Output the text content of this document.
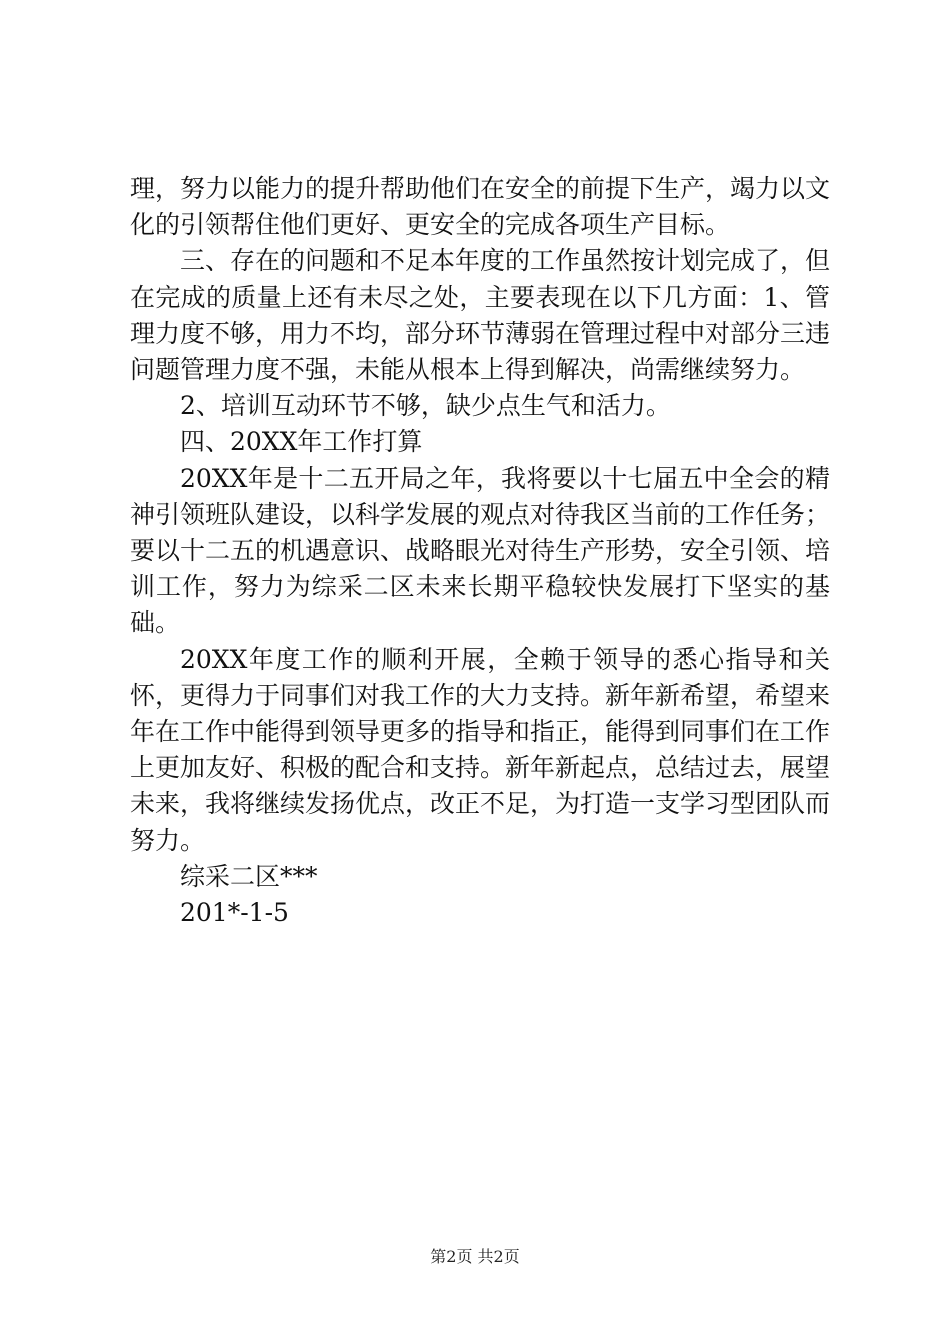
理，努力以能力的提升帮助他们在安全的前提下生产，竭力以文化的引领帮住他们更好、更安全的完成各项生产目标。

三、存在的问题和不足本年度的工作虽然按计划完成了，但在完成的质量上还有未尽之处，主要表现在以下几方面：1、管理力度不够，用力不均，部分环节薄弱在管理过程中对部分三违问题管理力度不强，未能从根本上得到解决，尚需继续努力。

2、培训互动环节不够，缺少点生气和活力。

四、20XX年工作打算

20XX年是十二五开局之年，我将要以十七届五中全会的精神引领班队建设，以科学发展的观点对待我区当前的工作任务；要以十二五的机遇意识、战略眼光对待生产形势，安全引领、培训工作，努力为综采二区未来长期平稳较快发展打下坚实的基础。

20XX年度工作的顺利开展，全赖于领导的悉心指导和关怀，更得力于同事们对我工作的大力支持。新年新希望，希望来年在工作中能得到领导更多的指导和指正，能得到同事们在工作上更加友好、积极的配合和支持。新年新起点，总结过去，展望未来，我将继续发扬优点，改正不足，为打造一支学习型团队而努力。

综采二区***

201*-1-5

第2页 共2页
